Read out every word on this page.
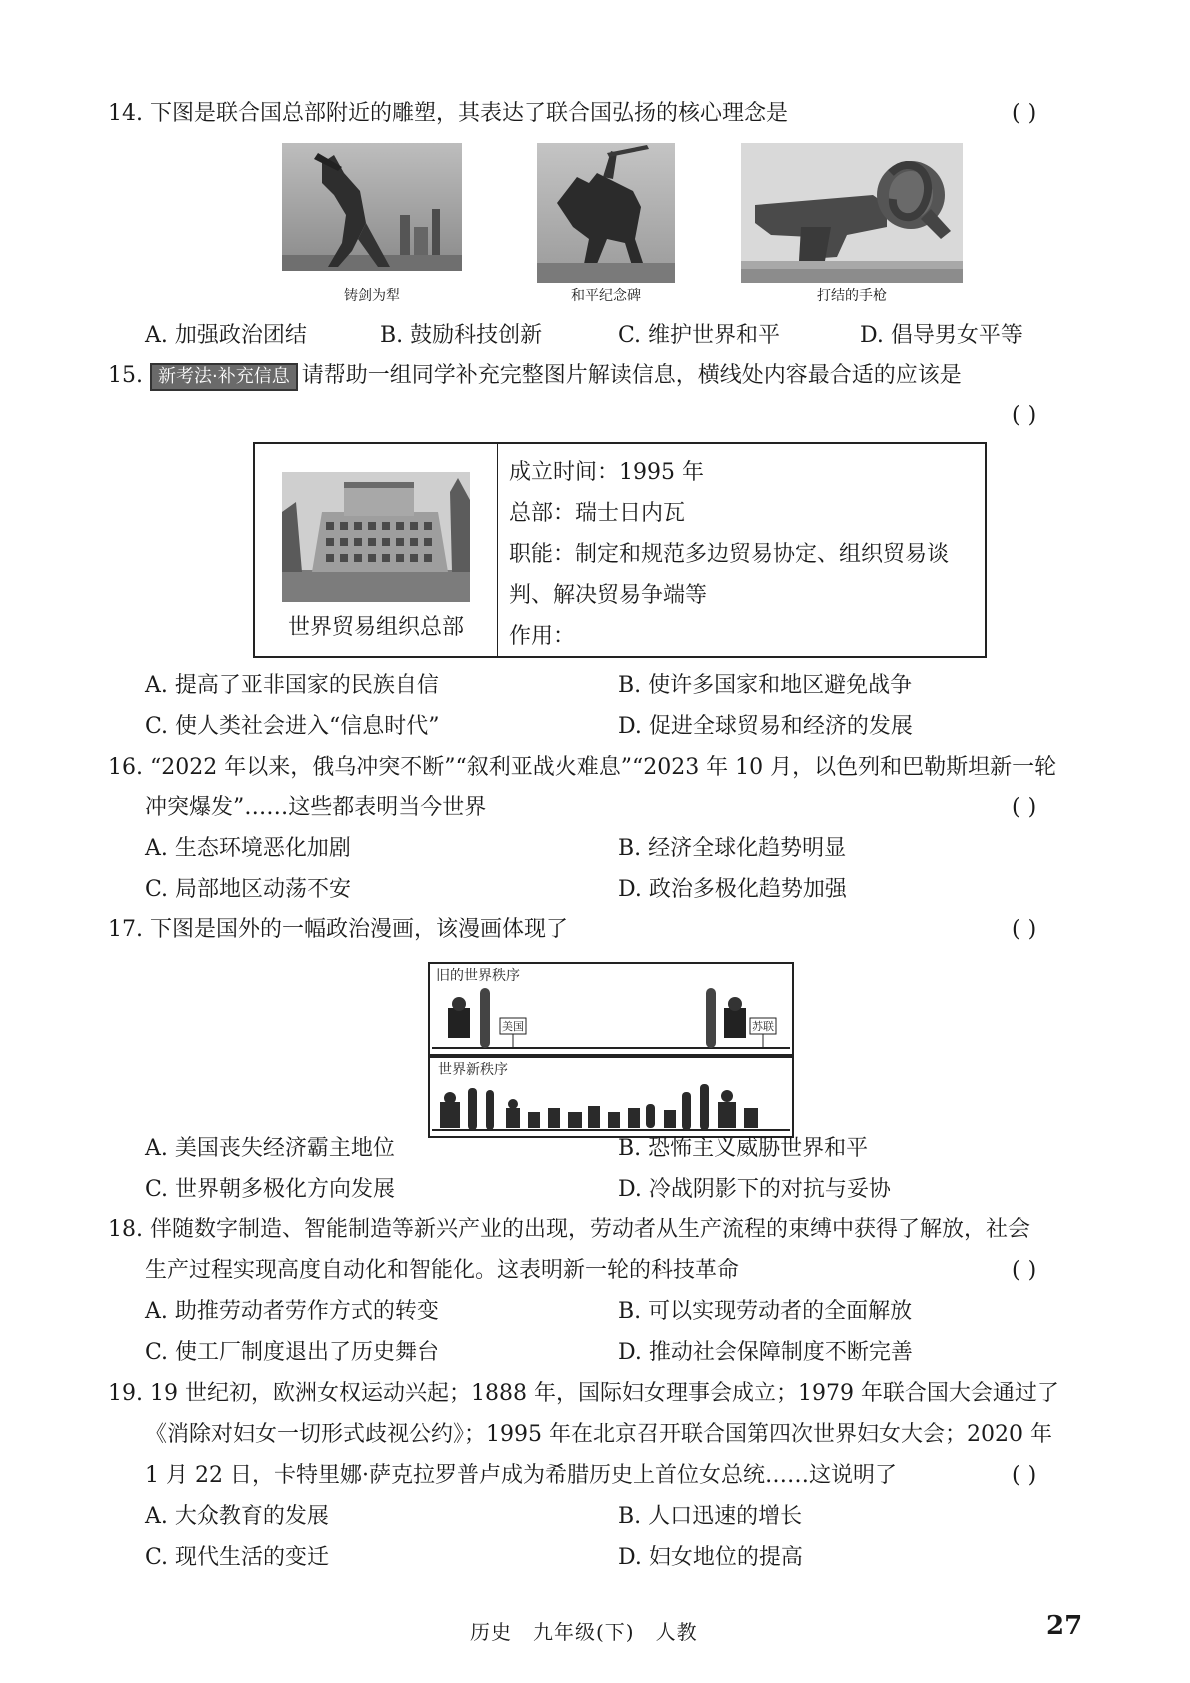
14. 下图是联合国总部附近的雕塑，其表达了联合国弘扬的核心理念是	( )
铸剑为犁	和平纪念碑	打结的手枪
A. 加强政治团结	B. 鼓励科技创新	C. 维护世界和平	D. 倡导男女平等
15. 新考法·补充信息 请帮助一组同学补充完整图片解读信息，横线处内容最合适的应该是
( )
世界贸易组织总部
成立时间：1995 年
总部：瑞士日内瓦
职能：制定和规范多边贸易协定、组织贸易谈
判、解决贸易争端等
作用：
A. 提高了亚非国家的民族自信	B. 使许多国家和地区避免战争
C. 使人类社会进入“信息时代”	D. 促进全球贸易和经济的发展
16. “2022 年以来，俄乌冲突不断”“叙利亚战火难息”“2023 年 10 月，以色列和巴勒斯坦新一轮
冲突爆发”……这些都表明当今世界	( )
A. 生态环境恶化加剧	B. 经济全球化趋势明显
C. 局部地区动荡不安	D. 政治多极化趋势加强
17. 下图是国外的一幅政治漫画，该漫画体现了	( )
旧的世界秩序
美国	苏联
世界新秩序
A. 美国丧失经济霸主地位	B. 恐怖主义威胁世界和平
C. 世界朝多极化方向发展	D. 冷战阴影下的对抗与妥协
18. 伴随数字制造、智能制造等新兴产业的出现，劳动者从生产流程的束缚中获得了解放，社会
生产过程实现高度自动化和智能化。这表明新一轮的科技革命	( )
A. 助推劳动者劳作方式的转变	B. 可以实现劳动者的全面解放
C. 使工厂制度退出了历史舞台	D. 推动社会保障制度不断完善
19. 19 世纪初，欧洲女权运动兴起；1888 年，国际妇女理事会成立；1979 年联合国大会通过了
《消除对妇女一切形式歧视公约》；1995 年在北京召开联合国第四次世界妇女大会；2020 年
1 月 22 日，卡特里娜·萨克拉罗普卢成为希腊历史上首位女总统……这说明了	( )
A. 大众教育的发展	B. 人口迅速的增长
C. 现代生活的变迁	D. 妇女地位的提高
历史　九年级(下)　人教	27
